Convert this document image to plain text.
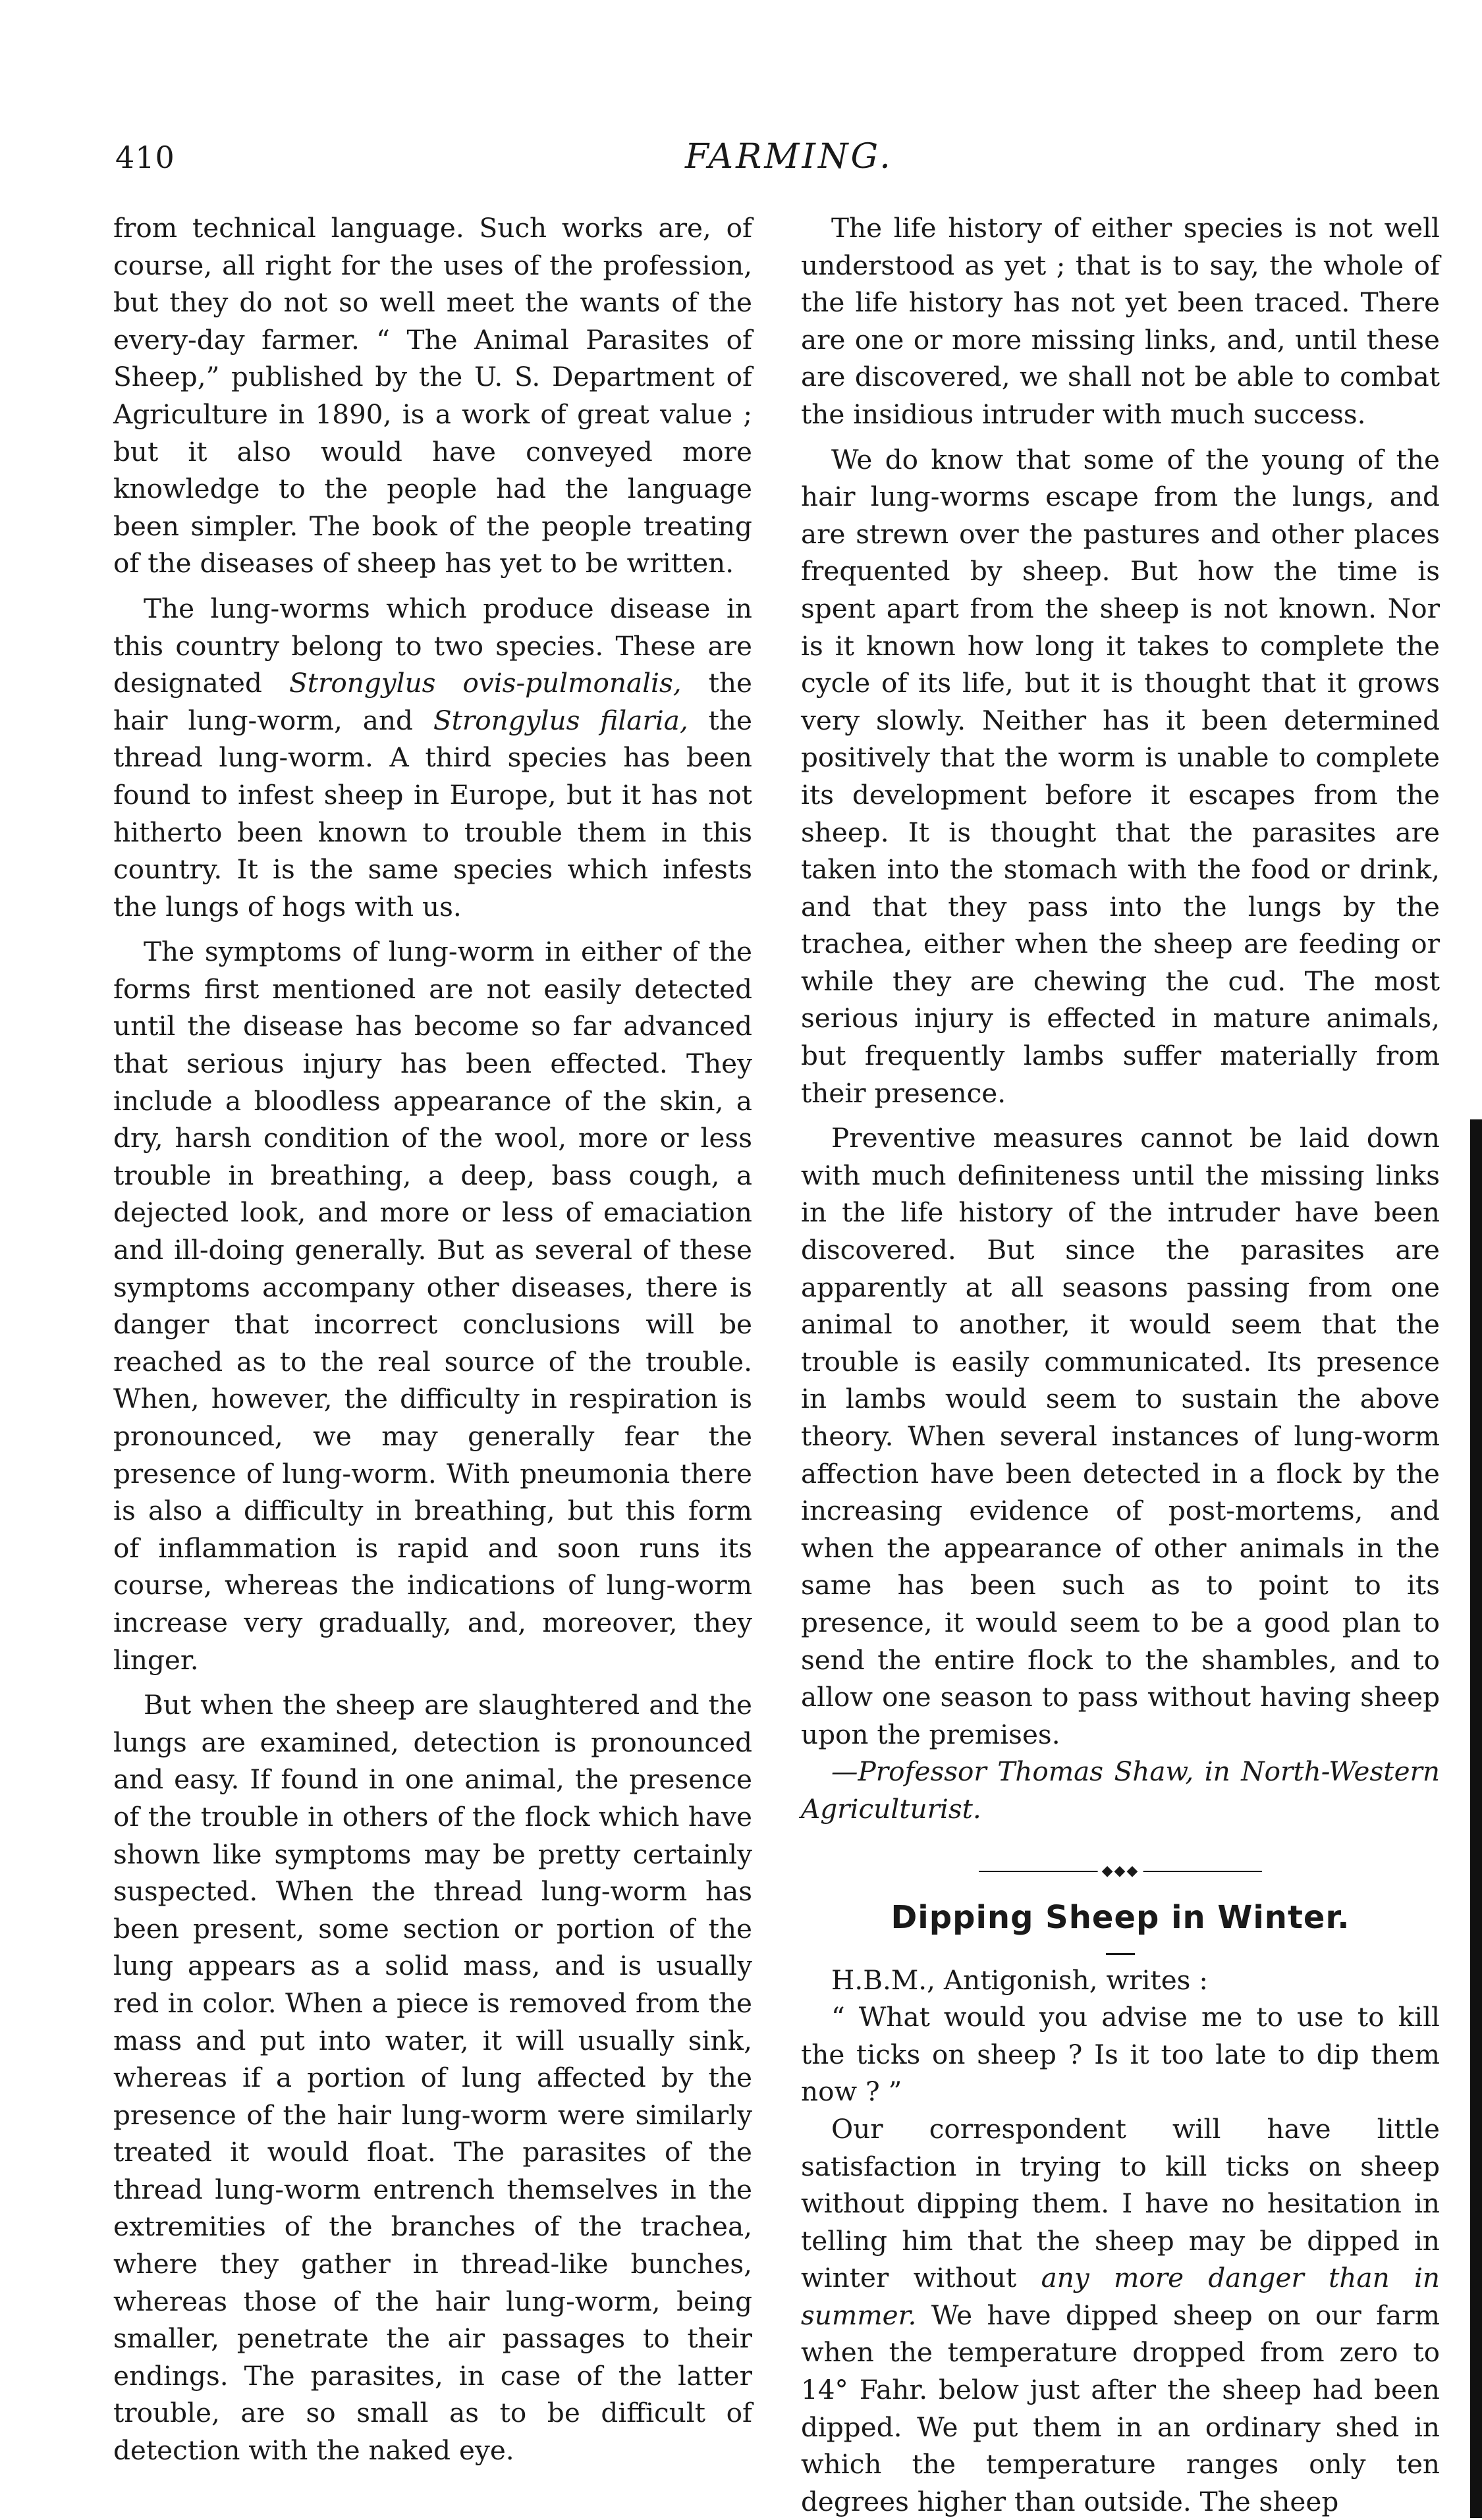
410	FARMING.

from technical language. Such works are, of course, all right for the uses of the profession, but they do not so well meet the wants of the every-day farmer. “ The Animal Parasites of Sheep,” published by the U. S. Department of Agriculture in 1890, is a work of great value ; but it also would have conveyed more knowledge to the people had the language been simpler. The book of the people treating of the diseases of sheep has yet to be written.

The lung-worms which produce disease in this country belong to two species. These are designated Strongylus ovis-pulmonalis, the hair lung-worm, and Strongylus filaria, the thread lung-worm. A third species has been found to infest sheep in Europe, but it has not hitherto been known to trouble them in this country. It is the same species which infests the lungs of hogs with us.

The symptoms of lung-worm in either of the forms first mentioned are not easily detected until the disease has become so far advanced that serious injury has been effected. They include a bloodless appearance of the skin, a dry, harsh condition of the wool, more or less trouble in breathing, a deep, bass cough, a dejected look, and more or less of emaciation and ill-doing generally. But as several of these symptoms accompany other diseases, there is danger that incorrect conclusions will be reached as to the real source of the trouble. When, however, the difficulty in respiration is pronounced, we may generally fear the presence of lung-worm. With pneumonia there is also a difficulty in breathing, but this form of inflammation is rapid and soon runs its course, whereas the indications of lung-worm increase very gradually, and, moreover, they linger.

But when the sheep are slaughtered and the lungs are examined, detection is pronounced and easy. If found in one animal, the presence of the trouble in others of the flock which have shown like symptoms may be pretty certainly suspected. When the thread lung-worm has been present, some section or portion of the lung appears as a solid mass, and is usually red in color. When a piece is removed from the mass and put into water, it will usually sink, whereas if a portion of lung affected by the presence of the hair lung-worm were similarly treated it would float. The parasites of the thread lung-worm entrench themselves in the extremities of the branches of the trachea, where they gather in thread-like bunches, whereas those of the hair lung-worm, being smaller, penetrate the air passages to their endings. The parasites, in case of the latter trouble, are so small as to be difficult of detection with the naked eye.

The life history of either species is not well understood as yet ; that is to say, the whole of the life history has not yet been traced. There are one or more missing links, and, until these are discovered, we shall not be able to combat the insidious intruder with much success.

We do know that some of the young of the hair lung-worms escape from the lungs, and are strewn over the pastures and other places frequented by sheep. But how the time is spent apart from the sheep is not known. Nor is it known how long it takes to complete the cycle of its life, but it is thought that it grows very slowly. Neither has it been determined positively that the worm is unable to complete its development before it escapes from the sheep. It is thought that the parasites are taken into the stomach with the food or drink, and that they pass into the lungs by the trachea, either when the sheep are feeding or while they are chewing the cud. The most serious injury is effected in mature animals, but frequently lambs suffer materially from their presence.

Preventive measures cannot be laid down with much definiteness until the missing links in the life history of the intruder have been discovered. But since the parasites are apparently at all seasons passing from one animal to another, it would seem that the trouble is easily communicated. Its presence in lambs would seem to sustain the above theory. When several instances of lung-worm affection have been detected in a flock by the increasing evidence of post-mortems, and when the appearance of other animals in the same has been such as to point to its presence, it would seem to be a good plan to send the entire flock to the shambles, and to allow one season to pass without having sheep upon the premises.

—Professor Thomas Shaw, in North-Western Agriculturist.

◆◆◆
Dipping Sheep in Winter.

H.B.M., Antigonish, writes :

“ What would you advise me to use to kill the ticks on sheep ? Is it too late to dip them now ? ”

Our correspondent will have little satisfaction in trying to kill ticks on sheep without dipping them. I have no hesitation in telling him that the sheep may be dipped in winter without any more danger than in summer. We have dipped sheep on our farm when the temperature dropped from zero to 14° Fahr. below just after the sheep had been dipped. We put them in an ordinary shed in which the temperature ranges only ten degrees higher than outside. The sheep
